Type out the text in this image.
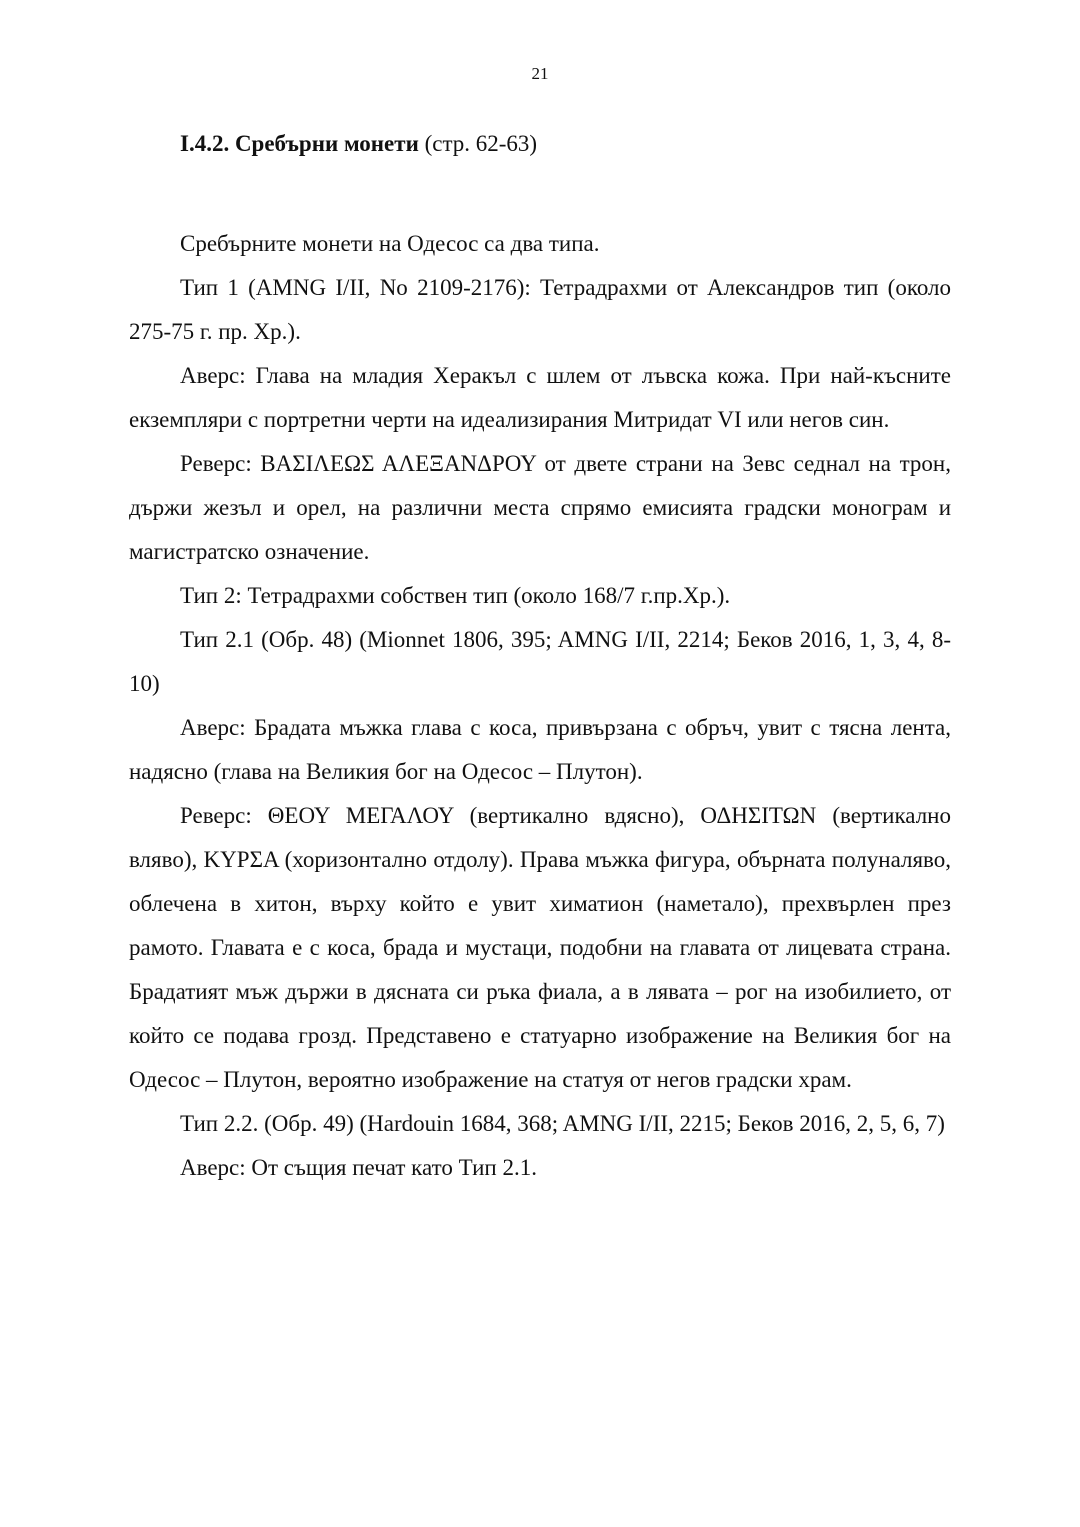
21
I.4.2. Сребърни монети (стр. 62-63)

Сребърните монети на Одесос са два типа.

Тип 1 (AMNG I/II, No 2109-2176): Тетрадрахми от Александров тип (около 275-75 г. пр. Хр.).

Аверс: Глава на младия Херакъл с шлем от лъвска кожа. При най-късните екземпляри с портретни черти на идеализирания Митридат VI или негов син.

Реверс: ΒΑΣΙΛΕΩΣ ΑΛΕΞΑΝΔΡΟΥ от двете страни на Зевс седнал на трон, държи жезъл и орел, на различни места спрямо емисията градски монограм и магистратско означение.

Тип 2: Тетрадрахми собствен тип (около 168/7 г.пр.Хр.).

Тип 2.1 (Обр. 48) (Mionnet 1806, 395; AMNG I/II, 2214; Беков 2016, 1, 3, 4, 8-10)

Аверс: Брадата мъжка глава с коса, привързана с обръч, увит с тясна лента, надясно (глава на Великия бог на Одесос – Плутон).

Реверс: ΘΕΟΥ ΜΕΓΑΛΟΥ (вертикално вдясно), ΟΔΗΣΙΤΩΝ (вертикално вляво), ΚΥΡΣΑ (хоризонтално отдолу). Права мъжка фигура, обърната полуналяво, облечена в хитон, върху който е увит химатион (наметало), прехвърлен през рамото. Главата е с коса, брада и мустаци, подобни на главата от лицевата страна. Брадатият мъж държи в дясната си ръка фиала, а в лявата – рог на изобилието, от който се подава грозд. Представено е статуарно изображение на Великия бог на Одесос – Плутон, вероятно изображение на статуя от негов градски храм.

Тип 2.2. (Обр. 49) (Hardouin 1684, 368; AMNG I/II, 2215; Беков 2016, 2, 5, 6, 7)

Аверс: От същия печат като Тип 2.1.
